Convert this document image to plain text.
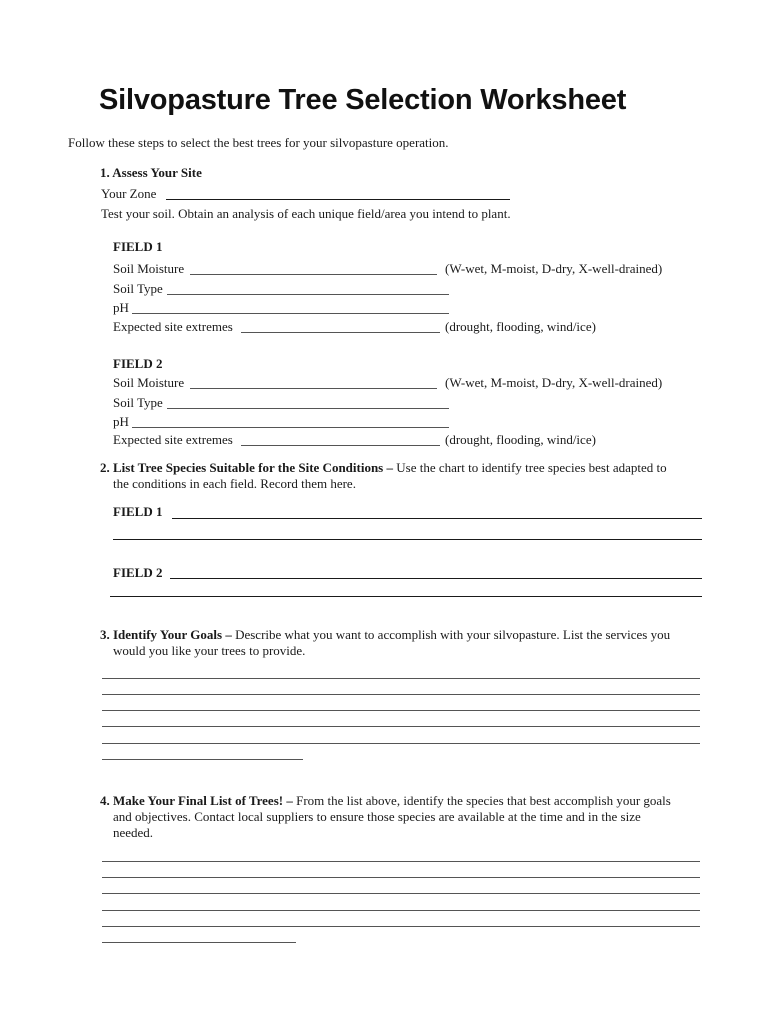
Silvopasture Tree Selection Worksheet
Follow these steps to select the best trees for your silvopasture operation.
1. Assess Your Site
Your Zone
Test your soil. Obtain an analysis of each unique field/area you intend to plant.
FIELD 1
Soil Moisture	(W-wet, M-moist, D-dry, X-well-drained)
Soil Type
pH
Expected site extremes	(drought, flooding, wind/ice)
FIELD 2
Soil Moisture	(W-wet, M-moist, D-dry, X-well-drained)
Soil Type
pH
Expected site extremes	(drought, flooding, wind/ice)
2. List Tree Species Suitable for the Site Conditions – Use the chart to identify tree species best adapted to
the conditions in each field. Record them here.
FIELD 1
FIELD 2
3. Identify Your Goals – Describe what you want to accomplish with your silvopasture. List the services you
would you like your trees to provide.
4. Make Your Final List of Trees! – From the list above, identify the species that best accomplish your goals
and objectives. Contact local suppliers to ensure those species are available at the time and in the size
needed.
